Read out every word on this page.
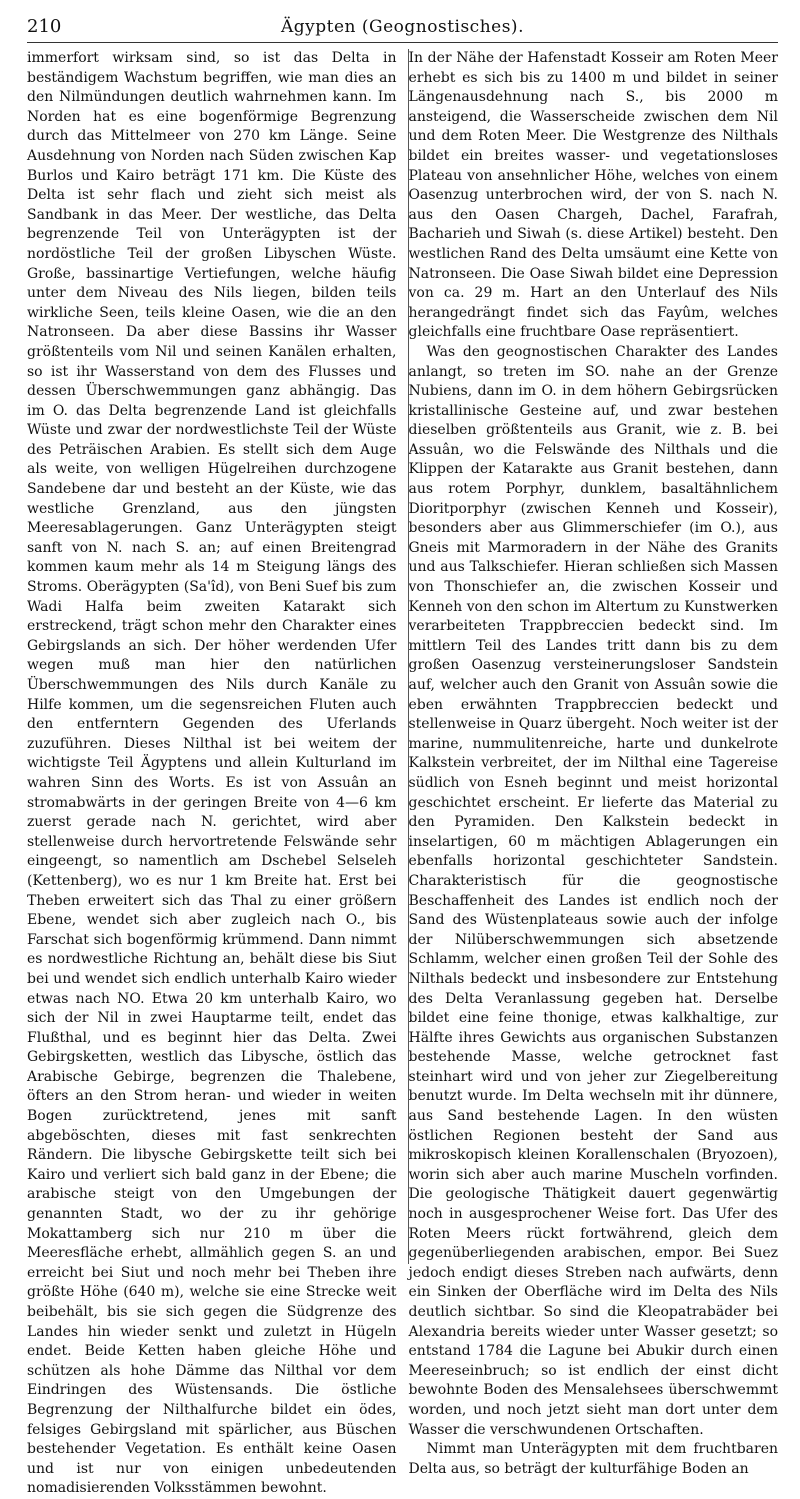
210	Ägypten (Geognostisches).

immerfort wirksam sind, so ist das Delta in beständigem Wachstum begriffen, wie man dies an den Nilmündungen deutlich wahrnehmen kann. Im Norden hat es eine bogenförmige Begrenzung durch das Mittelmeer von 270 km Länge. Seine Ausdehnung von Norden nach Süden zwischen Kap Burlos und Kairo beträgt 171 km. Die Küste des Delta ist sehr flach und zieht sich meist als Sandbank in das Meer. Der westliche, das Delta begrenzende Teil von Unterägypten ist der nordöstliche Teil der großen Libyschen Wüste. Große, bassinartige Vertiefungen, welche häufig unter dem Niveau des Nils liegen, bilden teils wirkliche Seen, teils kleine Oasen, wie die an den Natronseen. Da aber diese Bassins ihr Wasser größtenteils vom Nil und seinen Kanälen erhalten, so ist ihr Wasserstand von dem des Flusses und dessen Überschwemmungen ganz abhängig. Das im O. das Delta begrenzende Land ist gleichfalls Wüste und zwar der nordwestlichste Teil der Wüste des Peträischen Arabien. Es stellt sich dem Auge als weite, von welligen Hügelreihen durchzogene Sandebene dar und besteht an der Küste, wie das westliche Grenzland, aus den jüngsten Meeresablagerungen. Ganz Unterägypten steigt sanft von N. nach S. an; auf einen Breitengrad kommen kaum mehr als 14 m Steigung längs des Stroms. Oberägypten (Sa'îd), von Beni Suef bis zum Wadi Halfa beim zweiten Katarakt sich erstreckend, trägt schon mehr den Charakter eines Gebirgslands an sich. Der höher werdenden Ufer wegen muß man hier den natürlichen Überschwemmungen des Nils durch Kanäle zu Hilfe kommen, um die segensreichen Fluten auch den entferntern Gegenden des Uferlands zuzuführen. Dieses Nilthal ist bei weitem der wichtigste Teil Ägyptens und allein Kulturland im wahren Sinn des Worts. Es ist von Assuân an stromabwärts in der geringen Breite von 4—6 km zuerst gerade nach N. gerichtet, wird aber stellenweise durch hervortretende Felswände sehr eingeengt, so namentlich am Dschebel Selseleh (Kettenberg), wo es nur 1 km Breite hat. Erst bei Theben erweitert sich das Thal zu einer größern Ebene, wendet sich aber zugleich nach O., bis Farschat sich bogenförmig krümmend. Dann nimmt es nordwestliche Richtung an, behält diese bis Siut bei und wendet sich endlich unterhalb Kairo wieder etwas nach NO. Etwa 20 km unterhalb Kairo, wo sich der Nil in zwei Hauptarme teilt, endet das Flußthal, und es beginnt hier das Delta. Zwei Gebirgsketten, westlich das Libysche, östlich das Arabische Gebirge, begrenzen die Thalebene, öfters an den Strom heran- und wieder in weiten Bogen zurücktretend, jenes mit sanft abgeböschten, dieses mit fast senkrechten Rändern. Die libysche Gebirgskette teilt sich bei Kairo und verliert sich bald ganz in der Ebene; die arabische steigt von den Umgebungen der genannten Stadt, wo der zu ihr gehörige Mokattamberg sich nur 210 m über die Meeresfläche erhebt, allmählich gegen S. an und erreicht bei Siut und noch mehr bei Theben ihre größte Höhe (640 m), welche sie eine Strecke weit beibehält, bis sie sich gegen die Südgrenze des Landes hin wieder senkt und zuletzt in Hügeln endet. Beide Ketten haben gleiche Höhe und schützen als hohe Dämme das Nilthal vor dem Eindringen des Wüstensands. Die östliche Begrenzung der Nilthalfurche bildet ein ödes, felsiges Gebirgsland mit spärlicher, aus Büschen bestehender Vegetation. Es enthält keine Oasen und ist nur von einigen unbedeutenden nomadisierenden Volksstämmen bewohnt.

In der Nähe der Hafenstadt Kosseir am Roten Meer erhebt es sich bis zu 1400 m und bildet in seiner Längenausdehnung nach S., bis 2000 m ansteigend, die Wasserscheide zwischen dem Nil und dem Roten Meer. Die Westgrenze des Nilthals bildet ein breites wasser- und vegetationsloses Plateau von ansehnlicher Höhe, welches von einem Oasenzug unterbrochen wird, der von S. nach N. aus den Oasen Chargeh, Dachel, Farafrah, Bacharieh und Siwah (s. diese Artikel) besteht. Den westlichen Rand des Delta umsäumt eine Kette von Natronseen. Die Oase Siwah bildet eine Depression von ca. 29 m. Hart an den Unterlauf des Nils herangedrängt findet sich das Fayûm, welches gleichfalls eine fruchtbare Oase repräsentiert.

Was den geognostischen Charakter des Landes anlangt, so treten im SO. nahe an der Grenze Nubiens, dann im O. in dem höhern Gebirgsrücken kristallinische Gesteine auf, und zwar bestehen dieselben größtenteils aus Granit, wie z. B. bei Assuân, wo die Felswände des Nilthals und die Klippen der Katarakte aus Granit bestehen, dann aus rotem Porphyr, dunklem, basaltähnlichem Dioritporphyr (zwischen Kenneh und Kosseir), besonders aber aus Glimmerschiefer (im O.), aus Gneis mit Marmoradern in der Nähe des Granits und aus Talkschiefer. Hieran schließen sich Massen von Thonschiefer an, die zwischen Kosseir und Kenneh von den schon im Altertum zu Kunstwerken verarbeiteten Trappbreccien bedeckt sind. Im mittlern Teil des Landes tritt dann bis zu dem großen Oasenzug versteinerungsloser Sandstein auf, welcher auch den Granit von Assuân sowie die eben erwähnten Trappbreccien bedeckt und stellenweise in Quarz übergeht. Noch weiter ist der marine, nummulitenreiche, harte und dunkelrote Kalkstein verbreitet, der im Nilthal eine Tagereise südlich von Esneh beginnt und meist horizontal geschichtet erscheint. Er lieferte das Material zu den Pyramiden. Den Kalkstein bedeckt in inselartigen, 60 m mächtigen Ablagerungen ein ebenfalls horizontal geschichteter Sandstein. Charakteristisch für die geognostische Beschaffenheit des Landes ist endlich noch der Sand des Wüstenplateaus sowie auch der infolge der Nilüberschwemmungen sich absetzende Schlamm, welcher einen großen Teil der Sohle des Nilthals bedeckt und insbesondere zur Entstehung des Delta Veranlassung gegeben hat. Derselbe bildet eine feine thonige, etwas kalkhaltige, zur Hälfte ihres Gewichts aus organischen Substanzen bestehende Masse, welche getrocknet fast steinhart wird und von jeher zur Ziegelbereitung benutzt wurde. Im Delta wechseln mit ihr dünnere, aus Sand bestehende Lagen. In den wüsten östlichen Regionen besteht der Sand aus mikroskopisch kleinen Korallenschalen (Bryozoen), worin sich aber auch marine Muscheln vorfinden. Die geologische Thätigkeit dauert gegenwärtig noch in ausgesprochener Weise fort. Das Ufer des Roten Meers rückt fortwährend, gleich dem gegenüberliegenden arabischen, empor. Bei Suez jedoch endigt dieses Streben nach aufwärts, denn ein Sinken der Oberfläche wird im Delta des Nils deutlich sichtbar. So sind die Kleopatrabäder bei Alexandria bereits wieder unter Wasser gesetzt; so entstand 1784 die Lagune bei Abukir durch einen Meereseinbruch; so ist endlich der einst dicht bewohnte Boden des Mensalehsees überschwemmt worden, und noch jetzt sieht man dort unter dem Wasser die verschwundenen Ortschaften.

Nimmt man Unterägypten mit dem fruchtbaren Delta aus, so beträgt der kulturfähige Boden an
